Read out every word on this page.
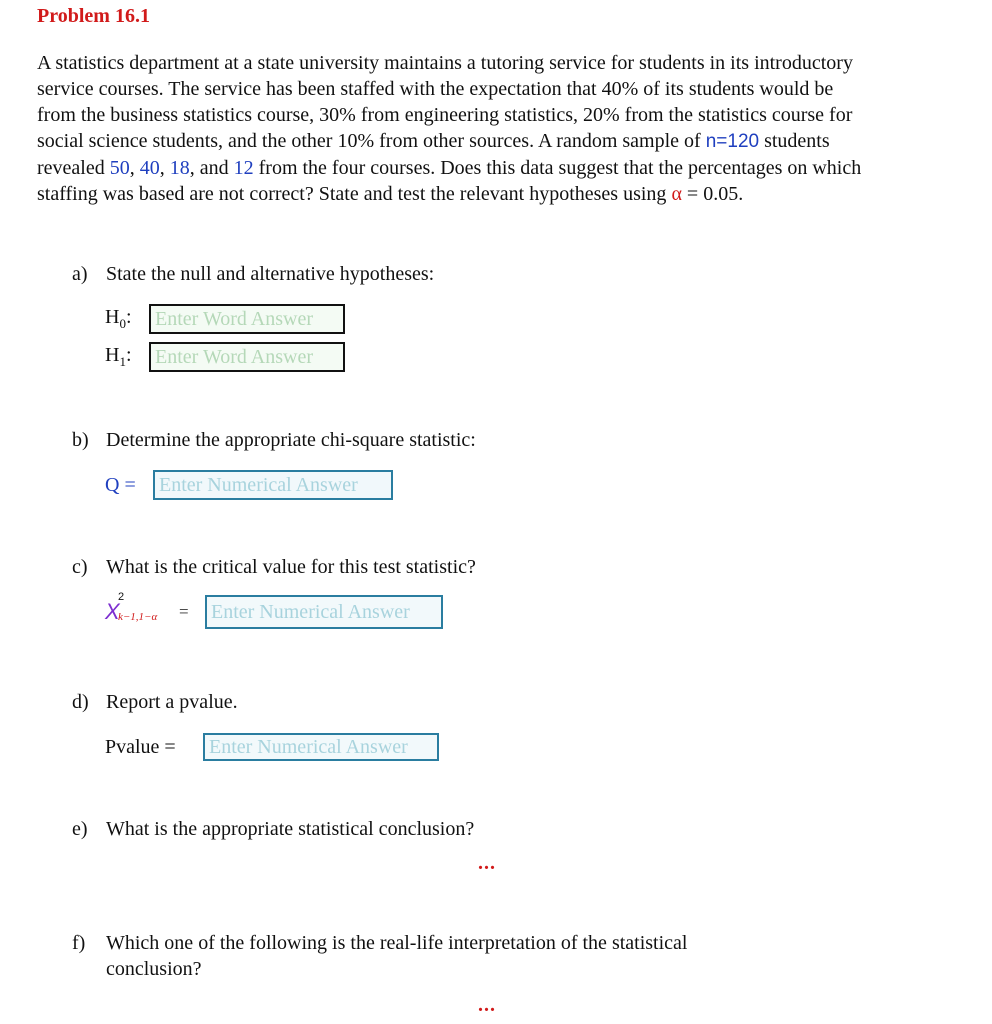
Problem 16.1
A statistics department at a state university maintains a tutoring service for students in its introductory service courses. The service has been staffed with the expectation that 40% of its students would be from the business statistics course, 30% from engineering statistics, 20% from the statistics course for social science students, and the other 10% from other sources. A random sample of n=120 students revealed 50, 40, 18, and 12 from the four courses. Does this data suggest that the percentages on which staffing was based are not correct? State and test the relevant hypotheses using α = 0.05.
a) State the null and alternative hypotheses:
$H_0$:	Enter Word Answer
$H_1$:	Enter Word Answer
b) Determine the appropriate chi-square statistic:
Q =	Enter Numerical Answer
c) What is the critical value for this test statistic?
X
2
k−1,1−α =	Enter Numerical Answer
d) Report a pvalue.
Pvalue =	Enter Numerical Answer
e) What is the appropriate statistical conclusion?
...
f) Which one of the following is the real-life interpretation of the statistical conclusion?
...
